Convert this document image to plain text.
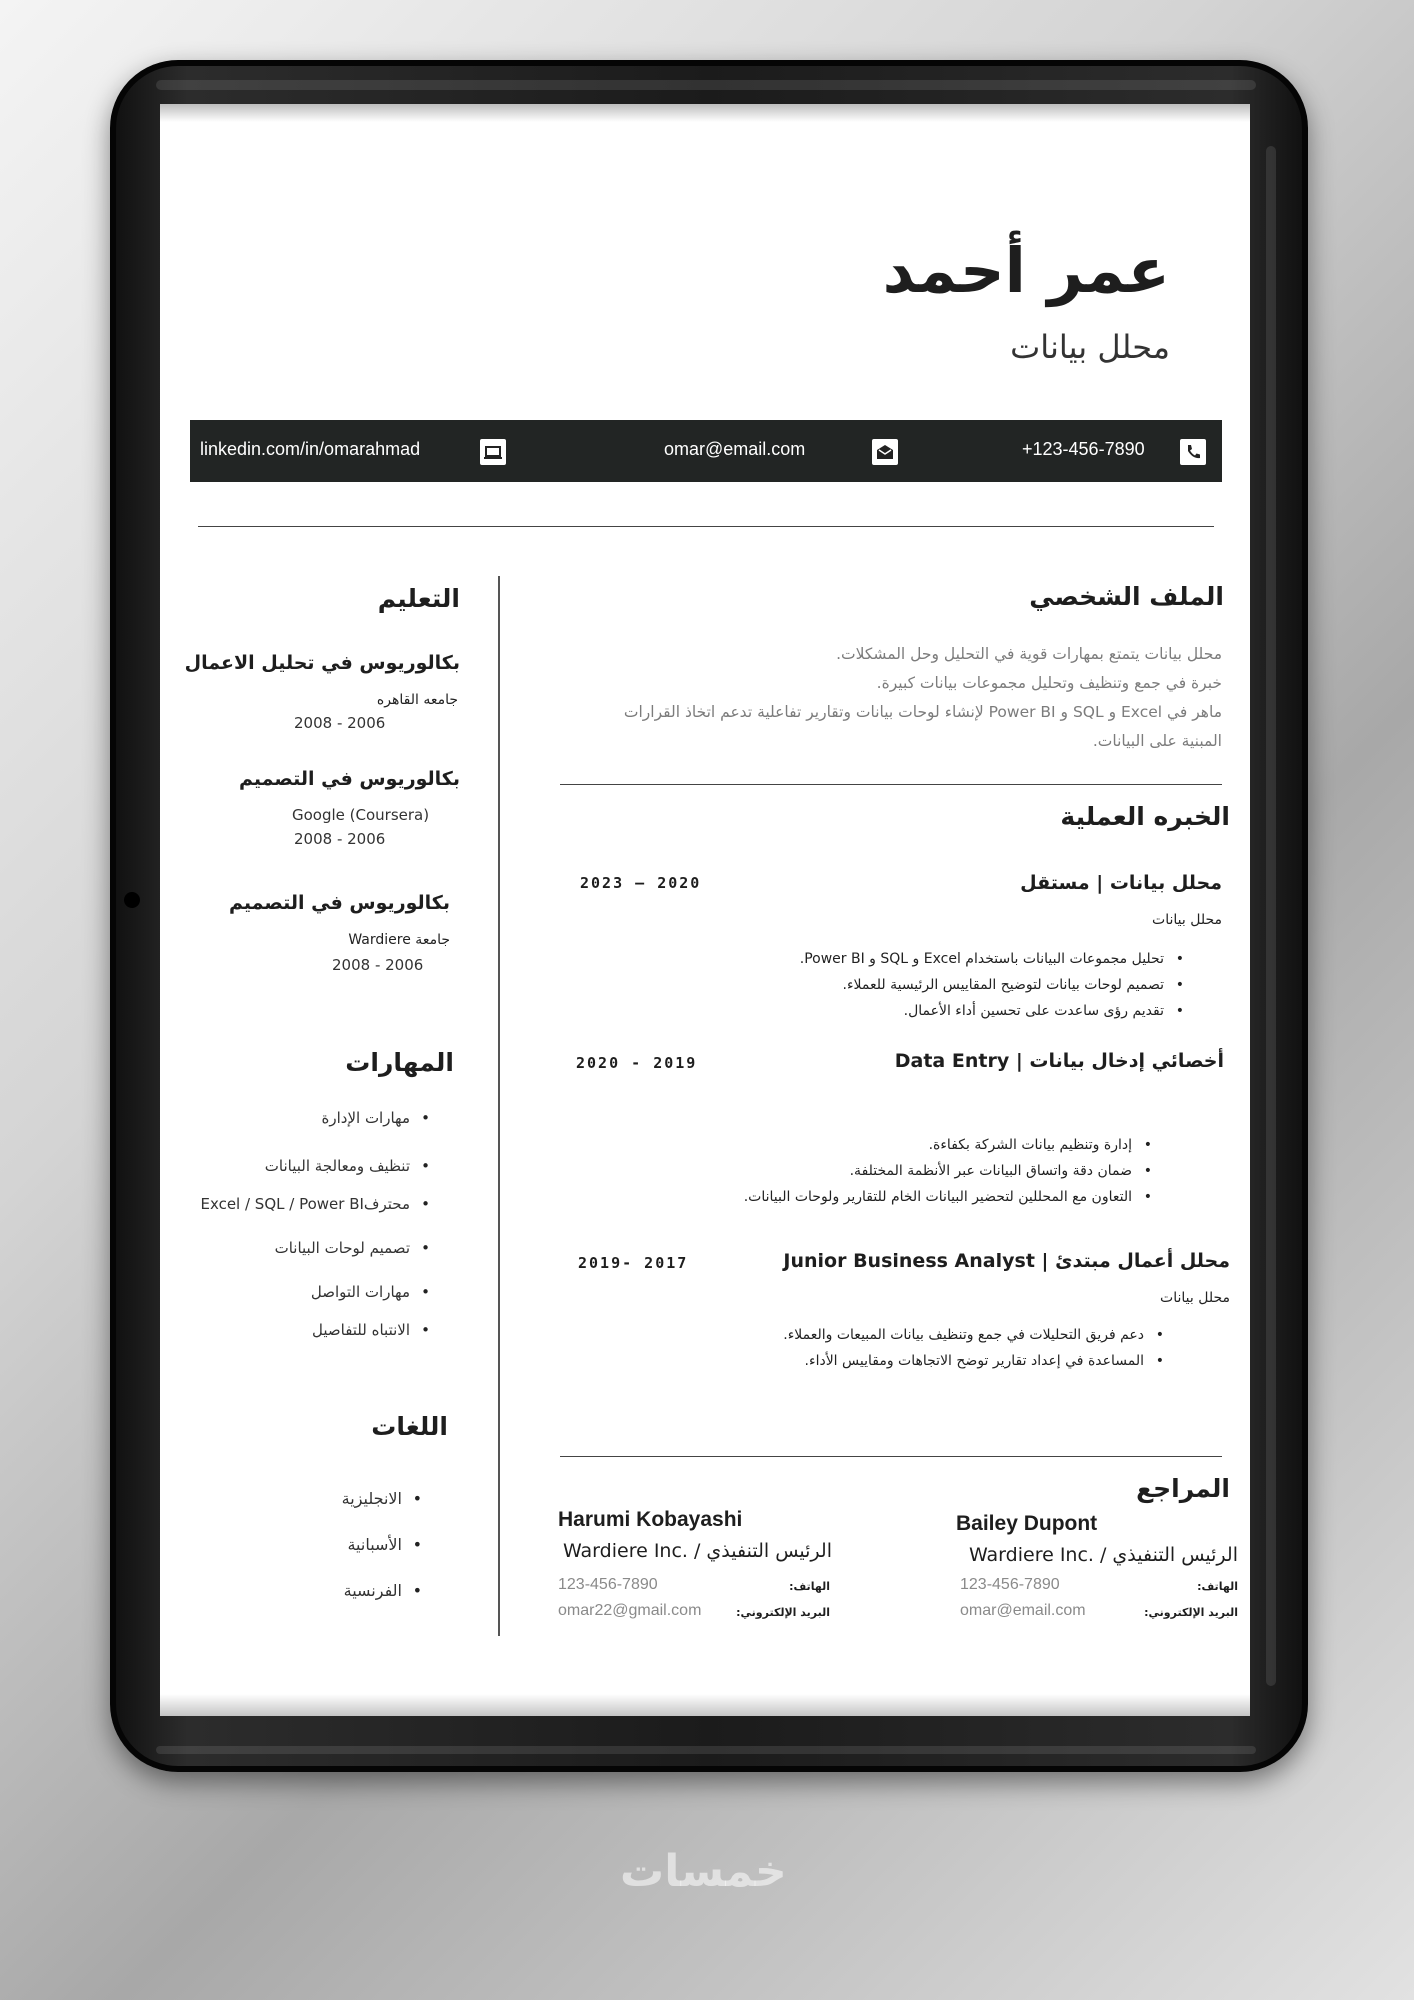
عمر أحمد
محلل بيانات
linkedin.com/in/omarahmad	omar@email.com	+123-456-7890
الملف الشخصي
محلل بيانات يتمتع بمهارات قوية في التحليل وحل المشكلات.
خبرة في جمع وتنظيف وتحليل مجموعات بيانات كبيرة.
ماهر في Excel و SQL و Power BI لإنشاء لوحات بيانات وتقارير تفاعلية تدعم اتخاذ القرارات
المبنية على البيانات.
الخبره العملية
محلل بيانات | مستقل
2023 – 2020
محلل بيانات
• تحليل مجموعات البيانات باستخدام Excel و SQL و Power BI.
• تصميم لوحات بيانات لتوضيح المقاييس الرئيسية للعملاء.
• تقديم رؤى ساعدت على تحسين أداء الأعمال.
أخصائي إدخال بيانات | Data Entry
2020 - 2019
• إدارة وتنظيم بيانات الشركة بكفاءة.
• ضمان دقة واتساق البيانات عبر الأنظمة المختلفة.
• التعاون مع المحللين لتحضير البيانات الخام للتقارير ولوحات البيانات.
محلل أعمال مبتدئ | Junior Business Analyst
2019- 2017
محلل بيانات
• دعم فريق التحليلات في جمع وتنظيف بيانات المبيعات والعملاء.
• المساعدة في إعداد تقارير توضح الاتجاهات ومقاييس الأداء.
المراجع
Bailey Dupont
الرئيس التنفيذي / .Wardiere Inc
الهاتف:
123-456-7890
البريد الإلكتروني:
omar@email.com
Harumi Kobayashi
الرئيس التنفيذي / .Wardiere Inc
الهاتف:
123-456-7890
البريد الإلكتروني:
omar22@gmail.com
التعليم
بكالوريوس في تحليل الاعمال
جامعه القاهره
2008 - 2006
بكالوريوس في التصميم
Google (Coursera)
2008 - 2006
بكالوريوس في التصميم
جامعة Wardiere
2008 - 2006
المهارات
• مهارات الإدارة
• تنظيف ومعالجة البيانات
• محترفExcel / SQL / Power BI
• تصميم لوحات البيانات
• مهارات التواصل
• الانتباه للتفاصيل
اللغات
• الانجليزية
• الأسبانية
• الفرنسية
خمسات
